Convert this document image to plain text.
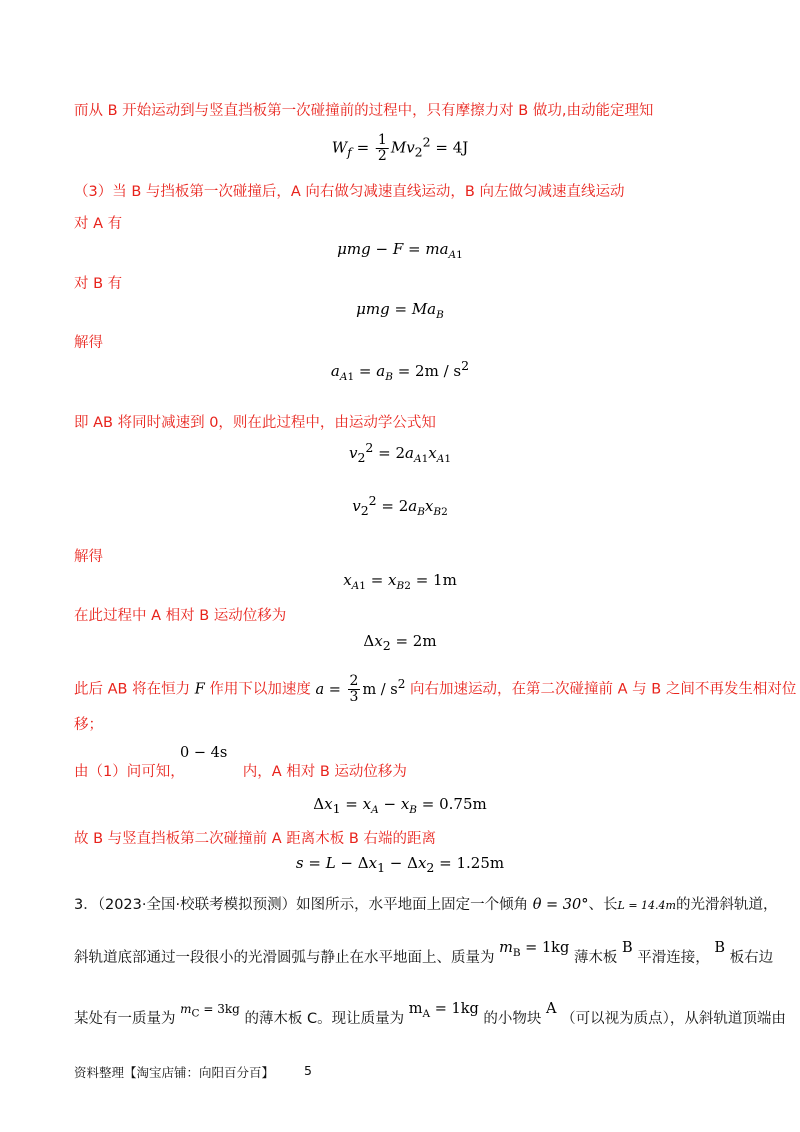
而从 B 开始运动到与竖直挡板第一次碰撞前的过程中，只有摩擦力对 B 做功,由动能定理知
$W_f = \frac{1}{2} Mv_2^2 = 4J$
（3）当 B 与挡板第一次碰撞后，A 向右做匀减速直线运动，B 向左做匀减速直线运动
对 A 有
$\mu mg - F = ma_{A1}$
对 B 有
$\mu mg = Ma_B$
解得
$a_{A1} = a_B = 2m / s^2$
即 AB 将同时减速到 0，则在此过程中，由运动学公式知
$v_2^2 = 2a_{A1}x_{A1}$
$v_2^2 = 2a_Bx_{B2}$
解得
$x_{A1} = x_{B2} = 1m$
在此过程中 A 相对 B 运动位移为
$\Delta x_2 = 2m$
此后 AB 将在恒力 F 作用下以加速度 $a = \frac{2}{3}$ m / $s^2$ 向右加速运动，在第二次碰撞前 A 与 B 之间不再发生相对位
移；
0 − 4s
由（1）问可知，	内，A 相对 B 运动位移为
$\Delta x_1 = x_A - x_B = 0.75m$
故 B 与竖直挡板第二次碰撞前 A 距离木板 B 右端的距离
$s = L - \Delta x_1 - \Delta x_2 = 1.25m$
3．（2023·全国·校联考模拟预测）如图所示，水平地面上固定一个倾角 θ = 30°、长L = 14.4m的光滑斜轨道，
斜轨道底部通过一段很小的光滑圆弧与静止在水平地面上、质量为 $m_B = 1kg$ 薄木板 B 平滑连接， B 板右边
某处有一质量为 $^{m_C = 3kg}$ 的薄木板 C。现让质量为 $m_A = 1kg$ 的小物块 A （可以视为质点），从斜轨道顶端由
资料整理【淘宝店铺：向阳百分百】 5
